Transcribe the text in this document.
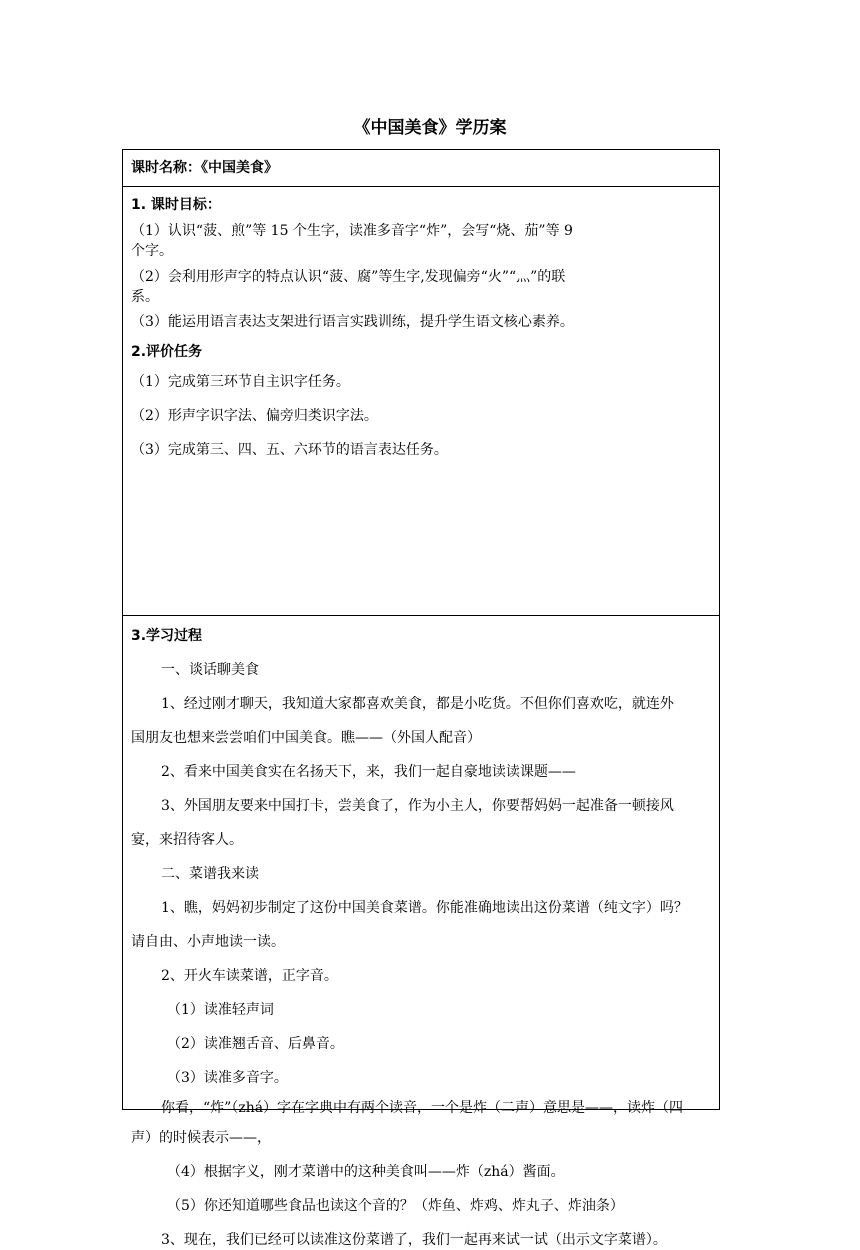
《中国美食》学历案
课时名称：《中国美食》
1. 课时目标：
（1）认识“菠、煎”等 15 个生字，读准多音字“炸”，会写“烧、茄”等 9
个字。
（2）会利用形声字的特点认识“菠、腐”等生字,发现偏旁“火”“灬”的联
系。
（3）能运用语言表达支架进行语言实践训练，提升学生语文核心素养。
2.评价任务
（1）完成第三环节自主识字任务。
（2）形声字识字法、偏旁归类识字法。
（3）完成第三、四、五、六环节的语言表达任务。
3.学习过程
一、谈话聊美食
1、经过刚才聊天，我知道大家都喜欢美食，都是小吃货。不但你们喜欢吃，就连外
国朋友也想来尝尝咱们中国美食。瞧——（外国人配音）
2、看来中国美食实在名扬天下，来，我们一起自豪地读读课题——
3、外国朋友要来中国打卡，尝美食了，作为小主人，你要帮妈妈一起准备一顿接风
宴，来招待客人。
二、菜谱我来读
1、瞧，妈妈初步制定了这份中国美食菜谱。你能准确地读出这份菜谱（纯文字）吗？
请自由、小声地读一读。
2、开火车读菜谱，正字音。
（1）读准轻声词
（2）读准翘舌音、后鼻音。
（3）读准多音字。
你看，“炸”（zhá）字在字典中有两个读音，一个是炸（二声）意思是——，读炸（四
声）的时候表示——，
（4）根据字义，刚才菜谱中的这种美食叫——炸（zhá）酱面。
（5）你还知道哪些食品也读这个音的？（炸鱼、炸鸡、炸丸子、炸油条）
3、现在，我们已经可以读准这份菜谱了，我们一起再来试一试（出示文字菜谱）。
